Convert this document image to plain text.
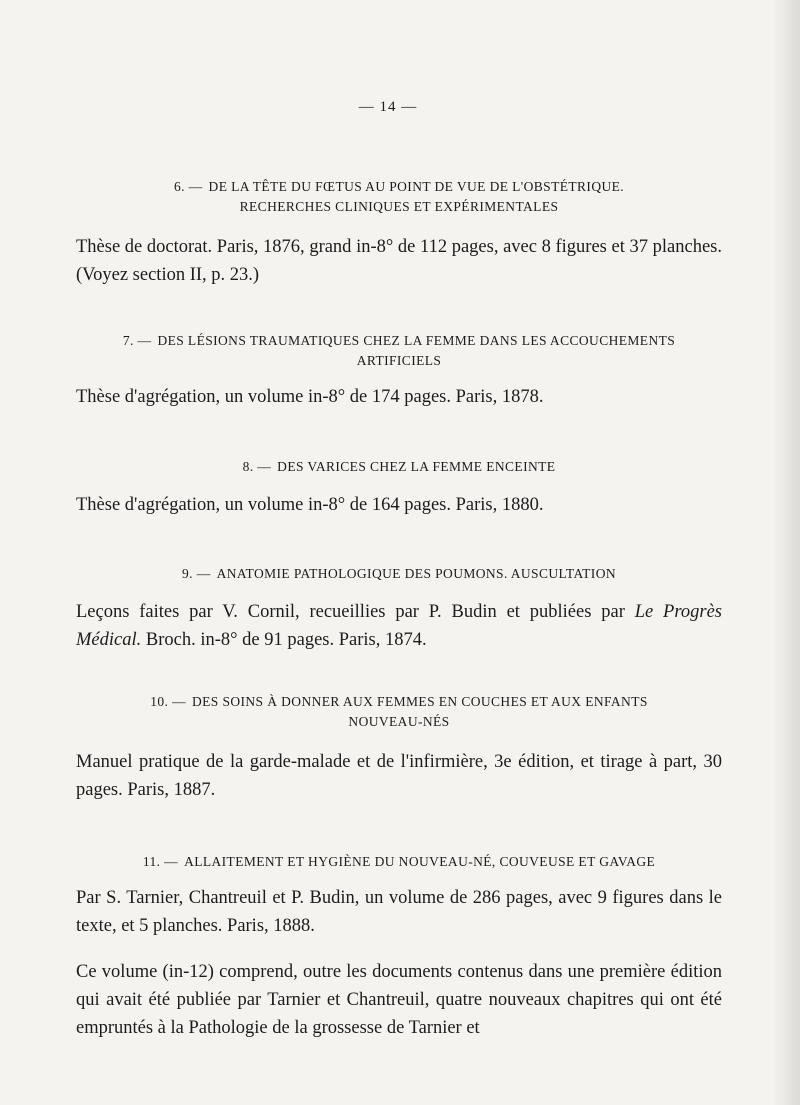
— 14 —

6. — DE LA TÊTE DU FŒTUS AU POINT DE VUE DE L'OBSTÉTRIQUE.
RECHERCHES CLINIQUES ET EXPÉRIMENTALES

Thèse de doctorat. Paris, 1876, grand in-8° de 112 pages, avec 8 figures et 37 planches. (Voyez section II, p. 23.)

7. — DES LÉSIONS TRAUMATIQUES CHEZ LA FEMME DANS LES ACCOUCHEMENTS
ARTIFICIELS

Thèse d'agrégation, un volume in-8° de 174 pages. Paris, 1878.

8. — DES VARICES CHEZ LA FEMME ENCEINTE

Thèse d'agrégation, un volume in-8° de 164 pages. Paris, 1880.

9. — ANATOMIE PATHOLOGIQUE DES POUMONS. AUSCULTATION

Leçons faites par V. Cornil, recueillies par P. Budin et publiées par Le Progrès Médical. Broch. in-8° de 91 pages. Paris, 1874.

10. — DES SOINS À DONNER AUX FEMMES EN COUCHES ET AUX ENFANTS
NOUVEAU-NÉS

Manuel pratique de la garde-malade et de l'infirmière, 3e édition, et tirage à part, 30 pages. Paris, 1887.

11. — ALLAITEMENT ET HYGIÈNE DU NOUVEAU-NÉ, COUVEUSE ET GAVAGE

Par S. Tarnier, Chantreuil et P. Budin, un volume de 286 pages, avec 9 figures dans le texte, et 5 planches. Paris, 1888.

Ce volume (in-12) comprend, outre les documents contenus dans une première édition qui avait été publiée par Tarnier et Chantreuil, quatre nouveaux chapitres qui ont été empruntés à la Pathologie de la grossesse de Tarnier et
